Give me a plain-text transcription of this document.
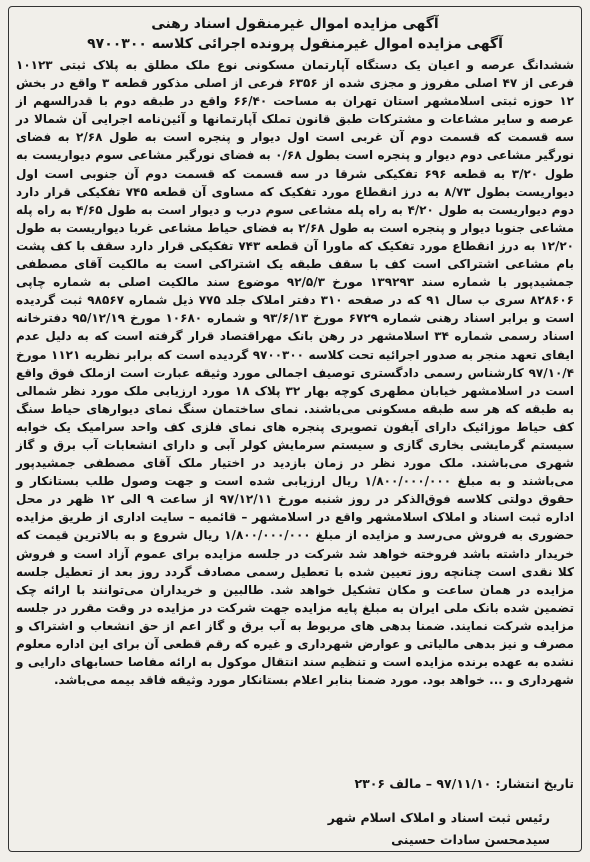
آگهی مزایده اموال غیرمنقول اسناد رهنی
آگهی مزایده اموال غیرمنقول پرونده اجرائی کلاسه ۹۷۰۰۳۰۰

ششدانگ عرصه و اعیان یک دستگاه آپارتمان مسکونی نوع ملک مطلق به پلاک ثبتی ۱۰۱۲۳ فرعی از ۴۷ اصلی مفروز و مجزی شده از ۶۳۵۶ فرعی از اصلی مذکور قطعه ۳ واقع در بخش ۱۲ حوزه ثبتی اسلامشهر استان تهران به مساحت ۶۶/۴۰ واقع در طبقه دوم با قدرالسهم از عرصه و سایر مشاعات و مشترکات طبق قانون تملک آپارتمانها و آئین‌نامه اجرایی آن شمالا در سه قسمت که قسمت دوم آن غربی است اول دیوار و پنجره است به طول ۲/۶۸ به فضای نورگیر مشاعی دوم دیوار و پنجره است بطول ۰/۶۸ به فضای نورگیر مشاعی سوم دیواریست به طول ۳/۲۰ به قطعه ۶۹۶ تفکیکی شرقا در سه قسمت که قسمت دوم آن جنوبی است اول دیواریست بطول ۸/۷۳ به درز انقطاع مورد تفکیک که مساوی آن قطعه ۷۴۵ تفکیکی قرار دارد دوم دیواریست به طول ۴/۲۰ به راه پله مشاعی سوم درب و دیوار است به طول ۴/۶۵ به راه پله مشاعی جنوبا دیوار و پنجره است به طول ۲/۶۸ به فضای حیاط مشاعی غربا دیواریست به طول ۱۲/۲۰ به درز انقطاع مورد تفکیک که ماورا آن قطعه ۷۴۳ تفکیکی قرار دارد سقف با کف پشت بام مشاعی اشتراکی است کف با سقف طبقه یک اشتراکی است به مالکیت آقای مصطفی جمشیدپور با شماره سند ۱۳۹۲۹۳ مورخ ۹۲/۵/۳ موضوع سند مالکیت اصلی به شماره چاپی ۸۲۸۶۰۶ سری ب سال ۹۱ که در صفحه ۳۱۰ دفتر املاک جلد ۷۷۵ ذیل شماره ۹۸۵۶۷ ثبت گردیده است و برابر اسناد رهنی شماره ۶۷۲۹ مورخ ۹۳/۶/۱۳ و شماره ۱۰۶۸۰ مورخ ۹۵/۱۲/۱۹ دفترخانه اسناد رسمی شماره ۳۴ اسلامشهر در رهن بانک مهراقتصاد قرار گرفته است که به دلیل عدم ایفای تعهد منجر به صدور اجرائیه تحت کلاسه ۹۷۰۰۳۰۰ گردیده است که برابر نظریه ۱۱۲۱ مورخ ۹۷/۱۰/۴ کارشناس رسمی دادگستری توصیف اجمالی مورد وثیقه عبارت است ازملک فوق واقع است در اسلامشهر خیابان مطهری کوچه بهار ۳۲ پلاک ۱۸ مورد ارزیابی ملک مورد نظر شمالی به طبقه که هر سه طبقه مسکونی می‌باشند. نمای ساختمان سنگ نمای دیوارهای حیاط سنگ کف حیاط موزائیک دارای آیفون تصویری پنجره های نمای فلزی کف واحد سرامیک یک خوابه سیستم گرمایشی بخاری گازی و سیستم سرمایش کولر آبی و دارای انشعابات آب برق و گاز شهری می‌باشند. ملک مورد نظر در زمان بازدید در اختیار ملک آقای مصطفی جمشیدپور می‌باشند و به مبلغ ۱/۸۰۰/۰۰۰/۰۰۰ ریال ارزیابی شده است و جهت وصول طلب بستانکار و حقوق دولتی کلاسه فوق‌الذکر در روز شنبه مورخ ۹۷/۱۲/۱۱ از ساعت ۹ الی ۱۲ ظهر در محل اداره ثبت اسناد و املاک اسلامشهر واقع در اسلامشهر – قائمیه – سایت اداری از طریق مزایده حضوری به فروش می‌رسد و مزایده از مبلغ ۱/۸۰۰/۰۰۰/۰۰۰ ریال شروع و به بالاترین قیمت که خریدار داشته باشد فروخته خواهد شد شرکت در جلسه مزایده برای عموم آزاد است و فروش کلا نقدی است چنانچه روز تعیین شده با تعطیل رسمی مصادف گردد روز بعد از تعطیل جلسه مزایده در همان ساعت و مکان تشکیل خواهد شد. طالبین و خریداران می‌توانند با ارائه چک تضمین شده بانک ملی ایران به مبلغ پایه مزایده جهت شرکت در مزایده در وقت مقرر در جلسه مزایده شرکت نمایند. ضمنا بدهی های مربوط به آب برق و گاز اعم از حق انشعاب و اشتراک و مصرف و نیز بدهی مالیاتی و عوارض شهرداری و غیره که رقم قطعی آن برای این اداره معلوم نشده به عهده برنده مزایده است و تنظیم سند انتقال موکول به ارائه مفاصا حسابهای دارایی و شهرداری و ... خواهد بود. مورد ضمنا بنابر اعلام بستانکار مورد وثیقه فاقد بیمه می‌باشد.

تاریخ انتشار: ۹۷/۱۱/۱۰ – مالف ۲۳۰۶
رئیس ثبت اسناد و املاک اسلام شهر
سیدمحسن سادات حسینی
